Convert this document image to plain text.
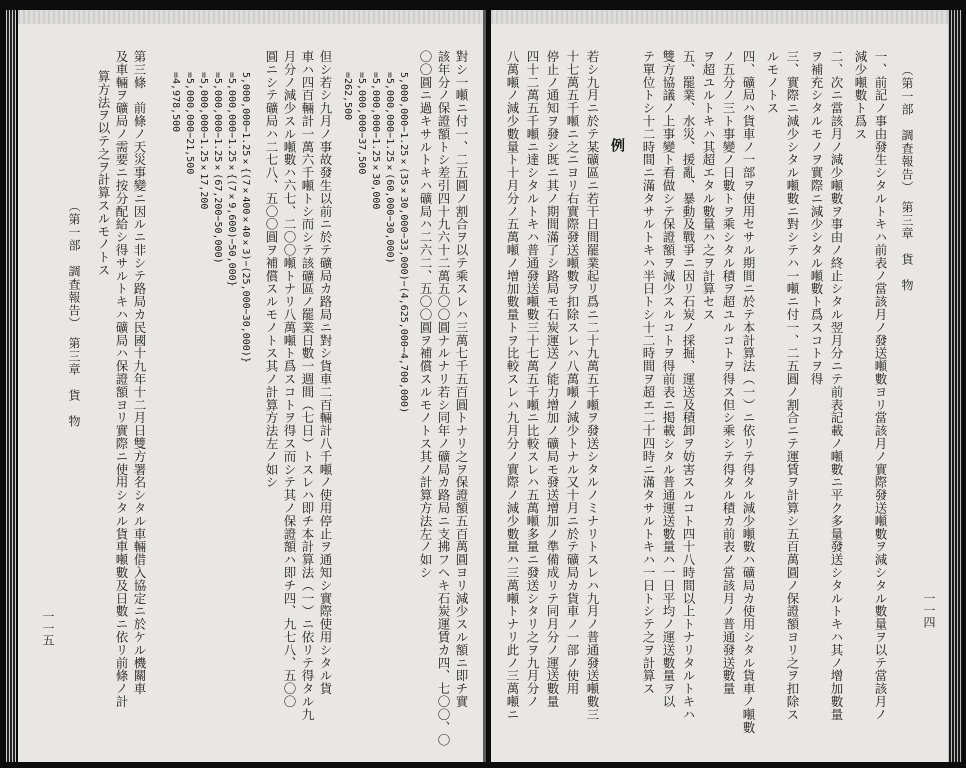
一一五
（第一部　調査報告）　第三章　貨　物
算方法ヲ以テ之ヲ計算スルモノトス 及車輛ヲ礦局ノ需要ニ按分配給シ得サルトキハ礦局ハ保證額ヨリ實際ニ使用シタル貨車噸數及日數ニ依リ前條ノ計 第三條　前條ノ天災事變ニ因ルニ非シテ路局カ民國十九年十二月日雙方署名シタル車輛借入協定ニ於ケル機關車 =4,978,500 =5,000,000−21,500 =5,000,000−1.25×17,200 =5,000,000−1.25×(67,200−50,000) =5,000,000−1.25×{(7×9,600)−50,000} 5,000,000−1.25×{(7×400×40×3)−(25,000−30,000)} 圓ニシテ礦局ハ二七八、五〇〇圓ヲ補償スルモノトス其ノ計算方法左ノ如シ 月分ノ減少スル噸數ハ六七、二〇〇噸トナリ八萬噸ト爲スコトヲ得ス而シテ其ノ保證額ハ即チ四、九七八、五〇〇 車ハ四百輛計一萬六千噸トシ而シテ該礦區ノ罷業日數一週間（七日）トスレハ即チ本計算法（一）ニ依リテ得タル九 但シ若シ九月ノ事故發生以前ニ於テ礦局カ路局ニ對シ貨車二百輛計八千噸ノ使用停止ヲ通知シ實際使用シタル貨 =262,500 =5,000,000−37,500 =5,000,000−1.25×30,000 =5,000,000−1.25×(60,000−30,000) 5,000,000−1.25×(35×30,000−33,000)−(4,625,000−4,700,000) 〇〇圓ニ過キサルトキハ礦局ハ二六二、五〇〇圓ヲ補償スルモノトス其ノ計算方法左ノ如シ 該年分ノ保證額トシ差引四十九六十二萬五〇〇圓ナルナリ若シ同年ノ礦局カ路局ニ支拂フヘキ石炭運賃カ四、七〇〇、〇 對シ一噸ニ付一、二五圓ノ割合ヲ以テ乘スレハ三萬七千五百圓トナリ之ヲ保證額五百萬圓ヨリ減少スル額ニ即チ實	八萬噸ノ減少數量ト十月分ノ五萬噸ノ增加數量トヲ比較スレハ九月分ノ實際ノ減少數量ハ三萬噸トナリ此ノ三萬噸ニ 四十二萬五千噸ニ達シタルトキハ普通發送噸數三十七萬五千噸ニ比較スレハ五萬噸多量ニ發送シタリ之ヲ九月分ノ 停止ノ通知ヲ發シ既ニ其ノ期間滿了シ路局モ石炭運送ノ能力增加ノ礦局モ發送增加ノ準備成リテ同月分ノ運送數量 十七萬五千噸ニ之ニヨリ右實際發送噸數ヲ扣除スレハ八萬噸ノ減少トナル又十月ニ於テ礦局カ貨車ノ一部ノ使用 若シ九月ニ於テ某礦區ニ若干日間罷業起リ爲ニ二十九萬五千噸ヲ發送シタルノミナリトスレハ九月ノ普通發送噸數三 例 テ單位トシ十二時間ニ滿タサルトキハ半日トシ十二時間ヲ超エ二十四時ニ滿タサルトキハ一日トシテ之ヲ計算ス 雙方協議ノ上事變ト看做シテ保證額ヲ減少スルコトヲ得前表ニ掲載シタル普通運送數量ハ一日平均ノ運送數量ヲ以 五、罷業、水災、援亂、暴動及戰爭ニ因リ石炭ノ採掘、運送及積卸ヲ妨害スルコト四十八時間以上トナリタルトキハ ヲ超ユルトキハ其超エタル數量ハ之ヲ計算セス ノ五分ノ三ト事變ノ日數トヲ乘シタル積ヲ超ユルコトヲ得ス但シ乘シテ得タル積カ前表ノ當該月ノ普通發送數量 四、礦局ハ貨車ノ一部ヲ使用セサル期間ニ於テ本計算法（一）ニ依リテ得タル減少噸數ハ礦局カ使用シタル貨車ノ噸數 ルモノトス 三、實際ニ減少シタル噸數ニ對シテハ一噸ニ付一、二五圓ノ割合ニテ運賃ヲ計算シ五百萬圓ノ保證額ヨリ之ヲ扣除ス ヲ補充シタルモノヲ實際ニ減少シタル噸數ト爲スコトヲ得 二、次ニ當該月ノ減少噸數ヲ事由ノ終止シタル翌月分ニテ前表記載ノ噸數ニ平ク多量發送シタルトキハ其ノ增加數量 減少噸數ト爲ス 一、前記ノ事由發生シタルトキハ前表ノ當該月ノ發送噸數ヨリ當該月ノ實際發送噸數ヲ減シタル數量ヲ以テ當該月ノ （第一部　調査報告）　第三章　貨　物
一一四
